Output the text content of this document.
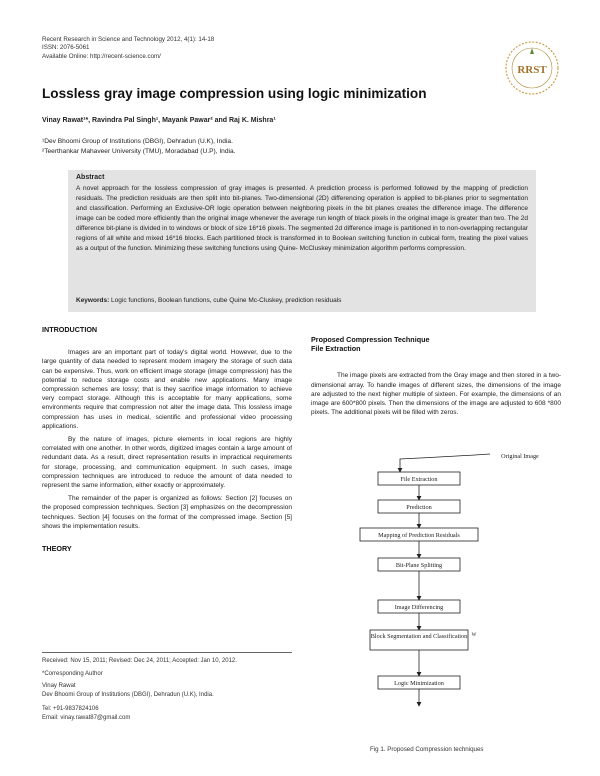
Recent Research in Science and Technology 2012, 4(1): 14-18
ISSN: 2076-5061
Available Online: http://recent-science.com/
RRST
Lossless gray image compression using logic minimization
Vinay Rawat¹*, Ravindra Pal Singh¹, Mayank Pawar² and Raj K. Mishra¹
¹Dev Bhoomi Group of Institutions (DBGI), Dehradun (U.K), India.
²Teerthankar Mahaveer University (TMU), Moradabad (U.P), India.
Abstract
A novel approach for the lossless compression of gray images is presented. A prediction process is performed followed by the mapping of prediction residuals. The prediction residuals are then split into bit-planes. Two-dimensional (2D) differencing operation is applied to bit-planes prior to segmentation and classification. Performing an Exclusive-OR logic operation between neighboring pixels in the bit planes creates the difference image. The difference image can be coded more efficiently than the original image whenever the average run length of black pixels in the original image is greater than two. The 2d difference bit-plane is divided in to windows or block of size 16*16 pixels. The segmented 2d difference image is partitioned in to non-overlapping rectangular regions of all white and mixed 16*16 blocks. Each partitioned block is transformed in to Boolean switching function in cubical form, treating the pixel values as a output of the function. Minimizing these switching functions using Quine- McCluskey minimization algorithm performs compression.
Keywords: Logic functions, Boolean functions, cube Quine Mc-Cluskey, prediction residuals
INTRODUCTION

Images are an important part of today's digital world. However, due to the large quantity of data needed to represent modern imagery the storage of such data can be expensive. Thus, work on efficient image storage (image compression) has the potential to reduce storage costs and enable new applications. Many image compression schemes are lossy; that is they sacrifice image information to achieve very compact storage. Although this is acceptable for many applications, some environments require that compression not alter the image data. This lossless image compression has uses in medical, scientific and professional video processing applications.

By the nature of images, picture elements in local regions are highly correlated with one another. In other words, digitized images contain a large amount of redundant data. As a result, direct representation results in impractical requirements for storage, processing, and communication equipment. In such cases, image compression techniques are introduced to reduce the amount of data needed to represent the same information, either exactly or approximately.

The remainder of the paper is organized as follows: Section [2] focuses on the proposed compression techniques. Section [3] emphasizes on the decompression techniques. Section [4] focuses on the format of the compressed image. Section [5] shows the implementation results.

THEORY
Received: Nov 15, 2011; Revised: Dec 24, 2011; Accepted: Jan 10, 2012.
*Corresponding Author
Vinay Rawat
Dev Bhoomi Group of Institutions (DBGI), Dehradun (U.K), India.
Tel: +91-9837824106
Email: vinay.rawat87@gmail.com
Proposed Compression Technique
File Extraction

The image pixels are extracted from the Gray image and then stored in a two-dimensional array. To handle images of different sizes, the dimensions of the image are adjusted to the next higher multiple of sixteen. For example, the dimensions of an image are 600*800 pixels. Then the dimensions of the image are adjusted to 608 *800 pixels. The additional pixels will be filled with zeros.

Original Image
File Extraction
Prediction
Mapping of Prediction Residuals
Bit-Plane Splitting
Image Differencing
Block Segmentation and Classification W
Logic Minimization
Fig 1. Proposed Compression techniques
